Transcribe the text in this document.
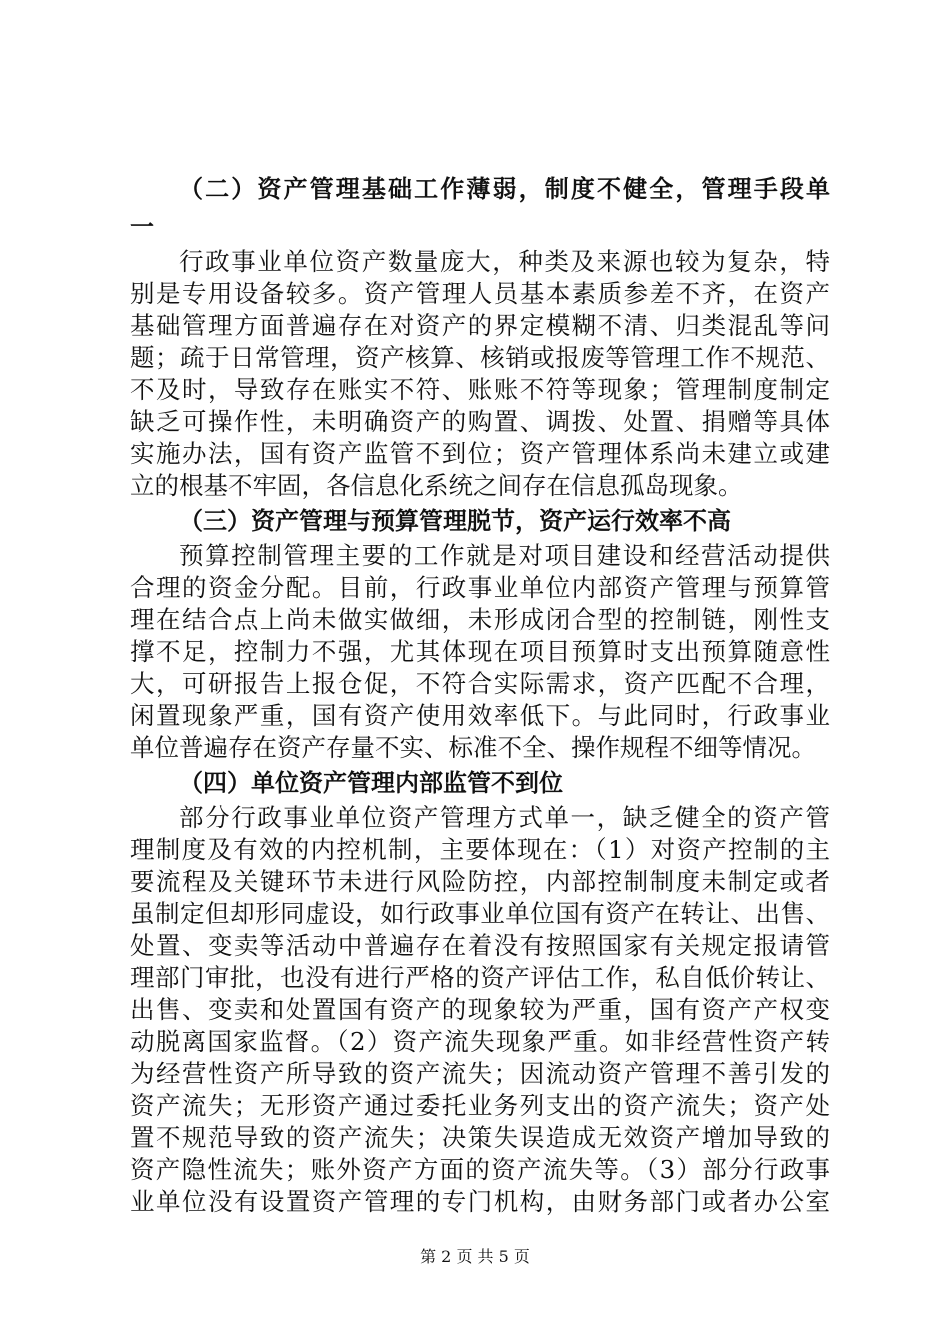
（二）资产管理基础工作薄弱，制度不健全，管理手段单
一
行政事业单位资产数量庞大，种类及来源也较为复杂，特
别是专用设备较多。资产管理人员基本素质参差不齐，在资产
基础管理方面普遍存在对资产的界定模糊不清、归类混乱等问
题；疏于日常管理，资产核算、核销或报废等管理工作不规范、
不及时，导致存在账实不符、账账不符等现象；管理制度制定
缺乏可操作性，未明确资产的购置、调拨、处置、捐赠等具体
实施办法，国有资产监管不到位；资产管理体系尚未建立或建
立的根基不牢固，各信息化系统之间存在信息孤岛现象。
（三）资产管理与预算管理脱节，资产运行效率不高
预算控制管理主要的工作就是对项目建设和经营活动提供
合理的资金分配。目前，行政事业单位内部资产管理与预算管
理在结合点上尚未做实做细，未形成闭合型的控制链，刚性支
撑不足，控制力不强，尤其体现在项目预算时支出预算随意性
大，可研报告上报仓促，不符合实际需求，资产匹配不合理，
闲置现象严重，国有资产使用效率低下。与此同时，行政事业
单位普遍存在资产存量不实、标准不全、操作规程不细等情况。
（四）单位资产管理内部监管不到位
部分行政事业单位资产管理方式单一，缺乏健全的资产管
理制度及有效的内控机制，主要体现在：（1）对资产控制的主
要流程及关键环节未进行风险防控，内部控制制度未制定或者
虽制定但却形同虚设，如行政事业单位国有资产在转让、出售、
处置、变卖等活动中普遍存在着没有按照国家有关规定报请管
理部门审批，也没有进行严格的资产评估工作，私自低价转让、
出售、变卖和处置国有资产的现象较为严重，国有资产产权变
动脱离国家监督。（2）资产流失现象严重。如非经营性资产转
为经营性资产所导致的资产流失；因流动资产管理不善引发的
资产流失；无形资产通过委托业务列支出的资产流失；资产处
置不规范导致的资产流失；决策失误造成无效资产增加导致的
资产隐性流失；账外资产方面的资产流失等。（3）部分行政事
业单位没有设置资产管理的专门机构，由财务部门或者办公室
第 2 页 共 5 页
